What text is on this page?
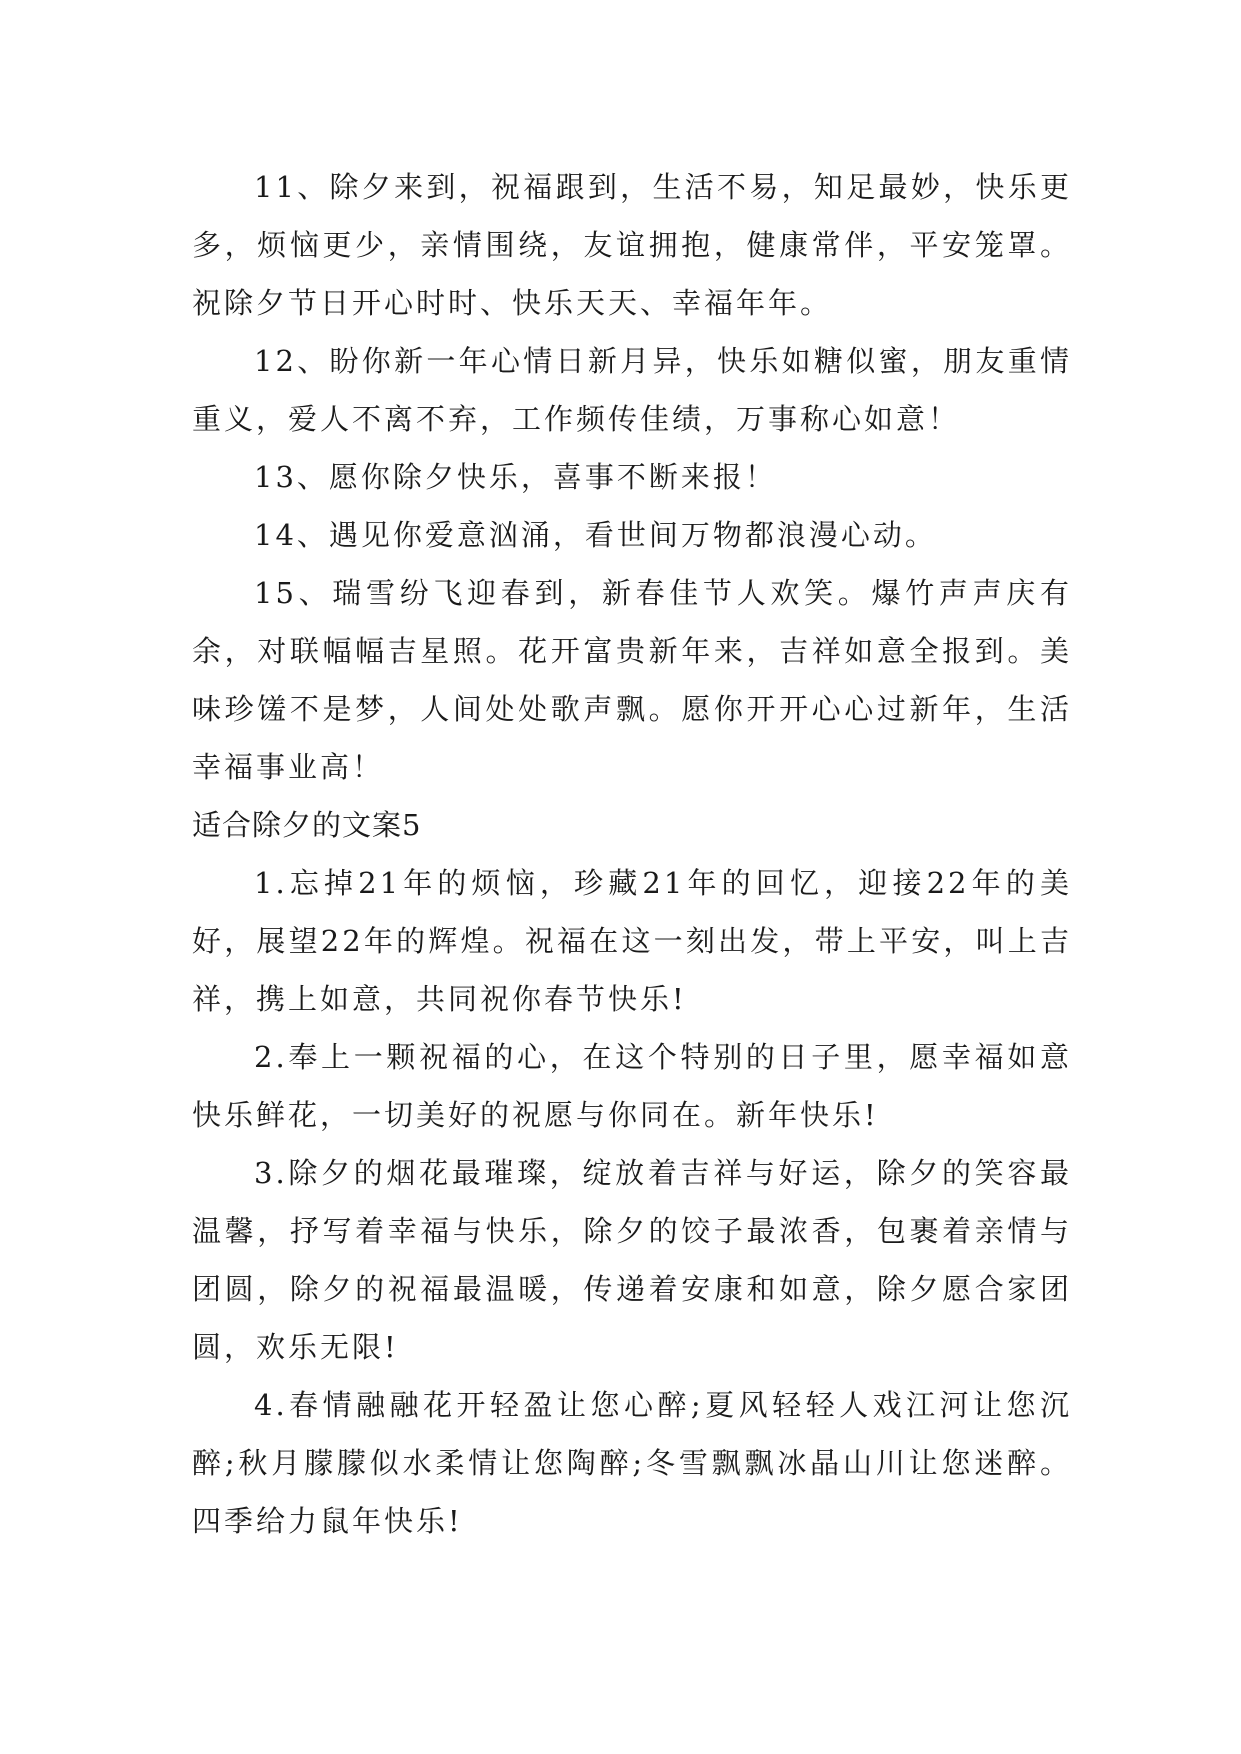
11、除夕来到，祝福跟到，生活不易，知足最妙，快乐更多，烦恼更少，亲情围绕，友谊拥抱，健康常伴，平安笼罩。祝除夕节日开心时时、快乐天天、幸福年年。

12、盼你新一年心情日新月异，快乐如糖似蜜，朋友重情重义，爱人不离不弃，工作频传佳绩，万事称心如意！

13、愿你除夕快乐，喜事不断来报！

14、遇见你爱意汹涌，看世间万物都浪漫心动。

15、瑞雪纷飞迎春到，新春佳节人欢笑。爆竹声声庆有余，对联幅幅吉星照。花开富贵新年来，吉祥如意全报到。美味珍馐不是梦，人间处处歌声飘。愿你开开心心过新年，生活幸福事业高！

适合除夕的文案5

1.忘掉21年的烦恼，珍藏21年的回忆，迎接22年的美好，展望22年的辉煌。祝福在这一刻出发，带上平安，叫上吉祥，携上如意，共同祝你春节快乐!

2.奉上一颗祝福的心，在这个特别的日子里，愿幸福如意快乐鲜花，一切美好的祝愿与你同在。新年快乐!

3.除夕的烟花最璀璨，绽放着吉祥与好运，除夕的笑容最温馨，抒写着幸福与快乐，除夕的饺子最浓香，包裹着亲情与团圆，除夕的祝福最温暖，传递着安康和如意，除夕愿合家团圆，欢乐无限!

4.春情融融花开轻盈让您心醉;夏风轻轻人戏江河让您沉醉;秋月朦朦似水柔情让您陶醉;冬雪飘飘冰晶山川让您迷醉。四季给力鼠年快乐!
